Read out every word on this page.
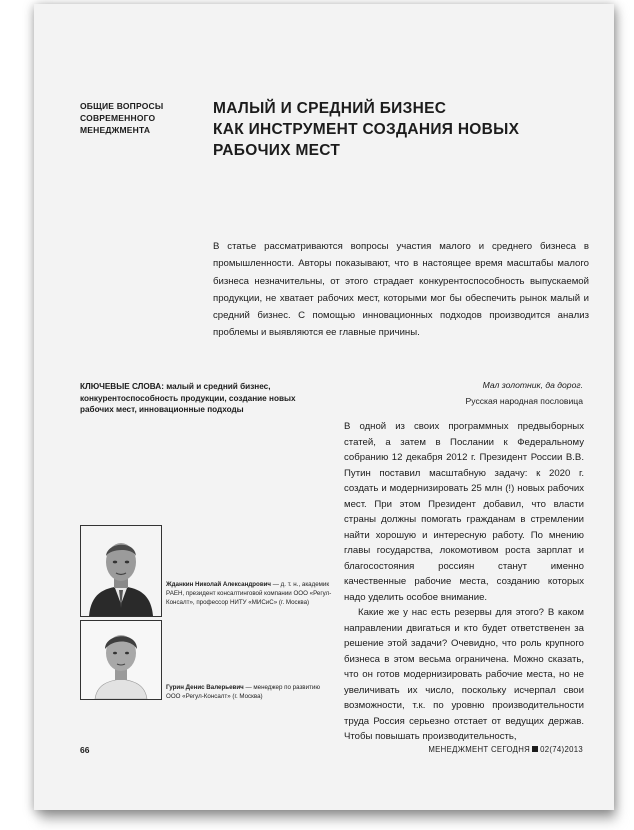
ОБЩИЕ ВОПРОСЫ
СОВРЕМЕННОГО
МЕНЕДЖМЕНТА
МАЛЫЙ И СРЕДНИЙ БИЗНЕС
КАК ИНСТРУМЕНТ СОЗДАНИЯ НОВЫХ
РАБОЧИХ МЕСТ
В статье рассматриваются вопросы участия малого и среднего бизнеса в промышленности. Авторы показывают, что в настоящее время масштабы малого бизнеса незначительны, от этого страдает конкурентоспособность выпускаемой продукции, не хватает рабочих мест, которыми мог бы обеспечить рынок малый и средний бизнес. С помощью инновационных подходов производится анализ проблемы и выявляются ее главные причины.
КЛЮЧЕВЫЕ СЛОВА: малый и средний бизнес, конкурентоспособность продукции, создание новых рабочих мест, инновационные подходы
Мал золотник, да дорог.
Русская народная пословица

В одной из своих программных предвыборных статей, а затем в Послании к Федеральному собранию 12 декабря 2012 г. Президент России В.В. Путин поставил масштабную задачу: к 2020 г. создать и модернизировать 25 млн (!) новых рабочих мест. При этом Президент добавил, что власти страны должны помогать гражданам в стремлении найти хорошую и интересную работу. По мнению главы государства, локомотивом роста зарплат и благосостояния россиян станут именно качественные рабочие места, созданию которых надо уделить особое внимание.

Какие же у нас есть резервы для этого? В каком направлении двигаться и кто будет ответственен за решение этой задачи? Очевидно, что роль крупного бизнеса в этом весьма ограничена. Можно сказать, что он готов модернизировать рабочие места, но не увеличивать их число, поскольку исчерпал свои возможности, т.к. по уровню производительности труда Россия серьезно отстает от ведущих держав. Чтобы повышать производительность,

Жданкин Николай Александрович — д. т. н., академик РАЕН, президент консалтинговой компании ООО «Регул-Консалт», профессор НИТУ «МИСиС» (г. Москва)
Гурин Денис Валерьевич — менеджер по развитию ООО «Регул-Консалт» (г. Москва)
66	МЕНЕДЖМЕНТ СЕГОДНЯ 02(74)2013
